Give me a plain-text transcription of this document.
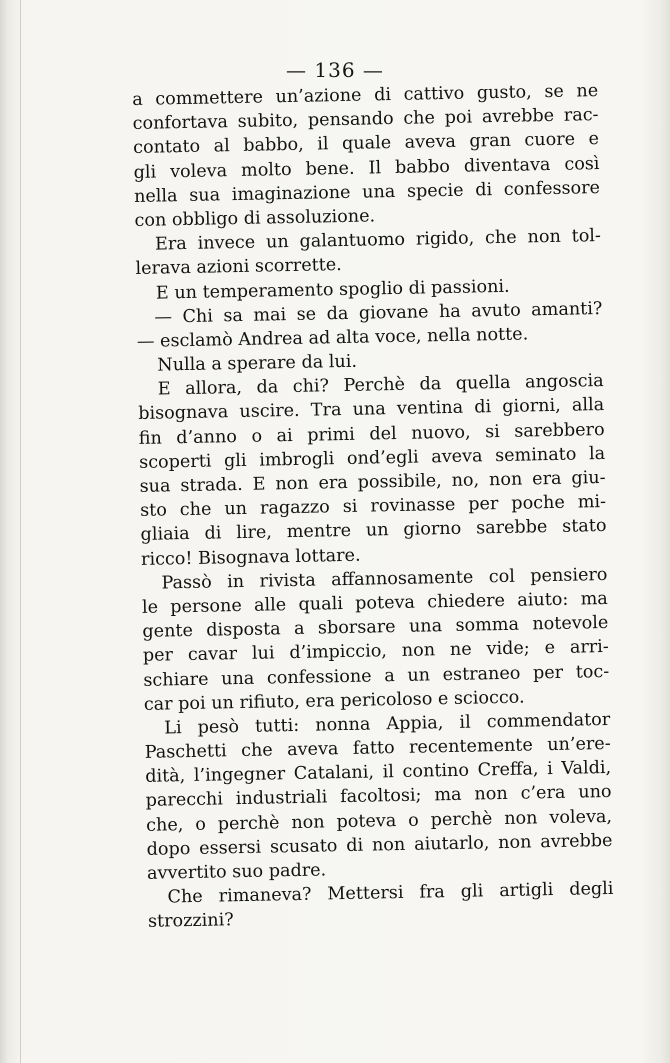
— 136 —
a commettere un’azione di cattivo gusto, se ne
confortava subito, pensando che poi avrebbe rac-
contato al babbo, il quale aveva gran cuore e
gli voleva molto bene. Il babbo diventava così
nella sua imaginazione una specie di confessore
con obbligo di assoluzione.
Era invece un galantuomo rigido, che non tol-
lerava azioni scorrette.
E un temperamento spoglio di passioni.
— Chi sa mai se da giovane ha avuto amanti?
— esclamò Andrea ad alta voce, nella notte.
Nulla a sperare da lui.
E allora, da chi? Perchè da quella angoscia
bisognava uscire. Tra una ventina di giorni, alla
fin d’anno o ai primi del nuovo, si sarebbero
scoperti gli imbrogli ond’egli aveva seminato la
sua strada. E non era possibile, no, non era giu-
sto che un ragazzo si rovinasse per poche mi-
gliaia di lire, mentre un giorno sarebbe stato
ricco! Bisognava lottare.
Passò in rivista affannosamente col pensiero
le persone alle quali poteva chiedere aiuto: ma
gente disposta a sborsare una somma notevole
per cavar lui d’impiccio, non ne vide; e arri-
schiare una confessione a un estraneo per toc-
car poi un rifiuto, era pericoloso e sciocco.
Li pesò tutti: nonna Appia, il commendator
Paschetti che aveva fatto recentemente un’ere-
dità, l’ingegner Catalani, il contino Creffa, i Valdi,
parecchi industriali facoltosi; ma non c’era uno
che, o perchè non poteva o perchè non voleva,
dopo essersi scusato di non aiutarlo, non avrebbe
avvertito suo padre.
Che rimaneva? Mettersi fra gli artigli degli
strozzini?
